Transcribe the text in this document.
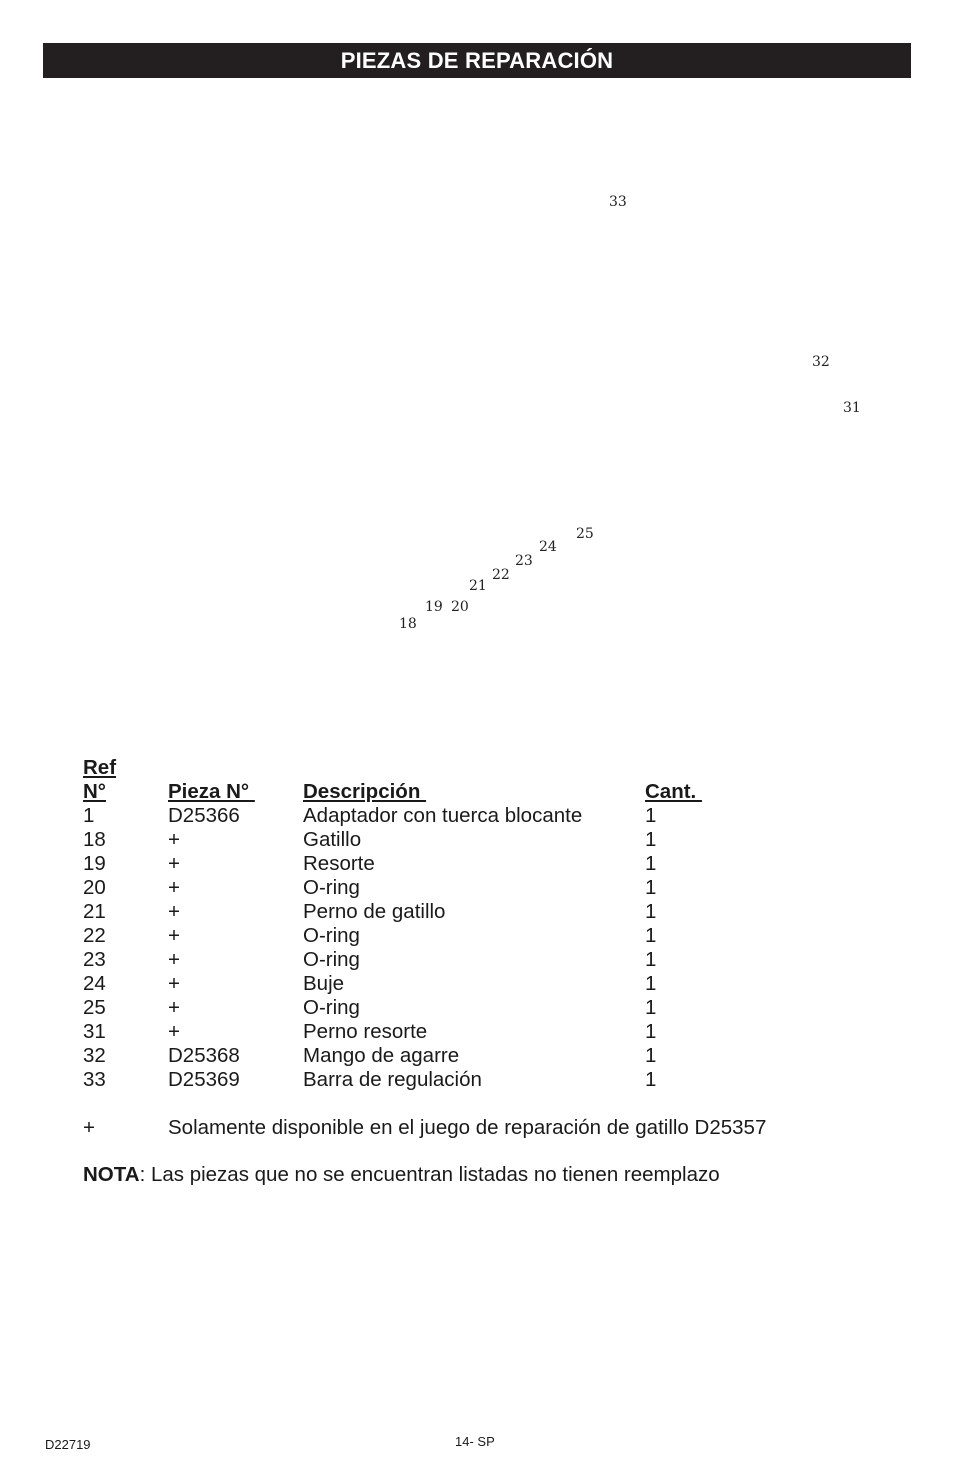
PIEZAS DE REPARACIÓN
33
32
31
25
24
23
22
21
19 20
18
Ref
N°	Pieza N°	Descripción	Cant.
1	D25366	Adaptador con tuerca blocante	1
18	+	Gatillo	1
19	+	Resorte	1
20	+	O-ring	1
21	+	Perno de gatillo	1
22	+	O-ring	1
23	+	O-ring	1
24	+	Buje	1
25	+	O-ring	1
31	+	Perno resorte	1
32	D25368	Mango de agarre	1
33	D25369	Barra de regulación	1
+	Solamente disponible en el juego de reparación de gatillo D25357
NOTA: Las piezas que no se encuentran listadas no tienen reemplazo
D22719	14- SP
